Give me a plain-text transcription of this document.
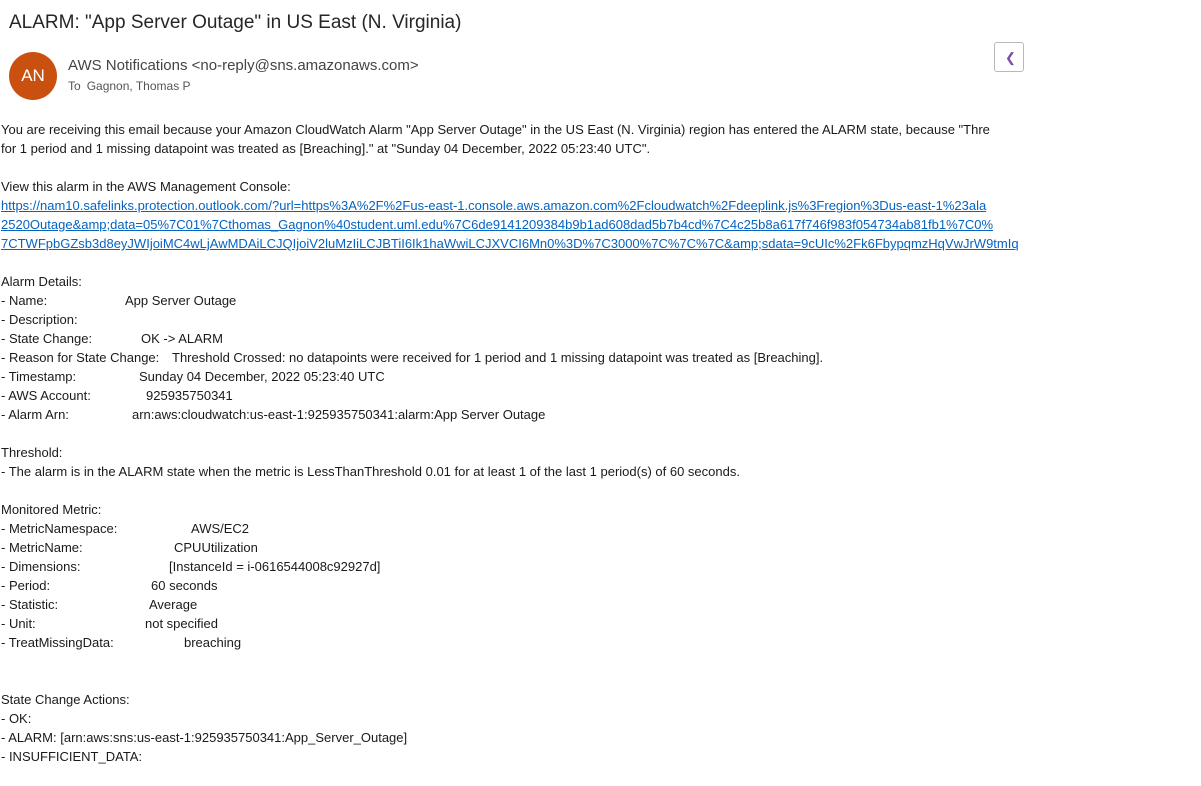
ALARM: "App Server Outage" in US East (N. Virginia)
AN
AWS Notifications <no-reply@sns.amazonaws.com>
To Gagnon, Thomas P
❮
You are receiving this email because your Amazon CloudWatch Alarm "App Server Outage" in the US East (N. Virginia) region has entered the ALARM state, because "Thre
for 1 period and 1 missing datapoint was treated as [Breaching]." at "Sunday 04 December, 2022 05:23:40 UTC".
View this alarm in the AWS Management Console:
https://nam10.safelinks.protection.outlook.com/?url=https%3A%2F%2Fus-east-1.console.aws.amazon.com%2Fcloudwatch%2Fdeeplink.js%3Fregion%3Dus-east-1%23ala
2520Outage&amp;data=05%7C01%7Cthomas_Gagnon%40student.uml.edu%7C6de9141209384b9b1ad608dad5b7b4cd%7C4c25b8a617f746f983f054734ab81fb1%7C0%
7CTWFpbGZsb3d8eyJWIjoiMC4wLjAwMDAiLCJQIjoiV2luMzIiLCJBTiI6Ik1haWwiLCJXVCI6Mn0%3D%7C3000%7C%7C%7C&amp;sdata=9cUIc%2Fk6FbypqmzHqVwJrW9tmIq
Alarm Details:
- Name:	App Server Outage
- Description:
- State Change:	OK -> ALARM
- Reason for State Change: Threshold Crossed: no datapoints were received for 1 period and 1 missing datapoint was treated as [Breaching].
- Timestamp:	Sunday 04 December, 2022 05:23:40 UTC
- AWS Account:	925935750341
- Alarm Arn:	arn:aws:cloudwatch:us-east-1:925935750341:alarm:App Server Outage
Threshold:
- The alarm is in the ALARM state when the metric is LessThanThreshold 0.01 for at least 1 of the last 1 period(s) of 60 seconds.
Monitored Metric:
- MetricNamespace:	AWS/EC2
- MetricName:	CPUUtilization
- Dimensions:	[InstanceId = i-0616544008c92927d]
- Period:	60 seconds
- Statistic:	Average
- Unit:	not specified
- TreatMissingData:	breaching
State Change Actions:
- OK:
- ALARM: [arn:aws:sns:us-east-1:925935750341:App_Server_Outage]
- INSUFFICIENT_DATA:
